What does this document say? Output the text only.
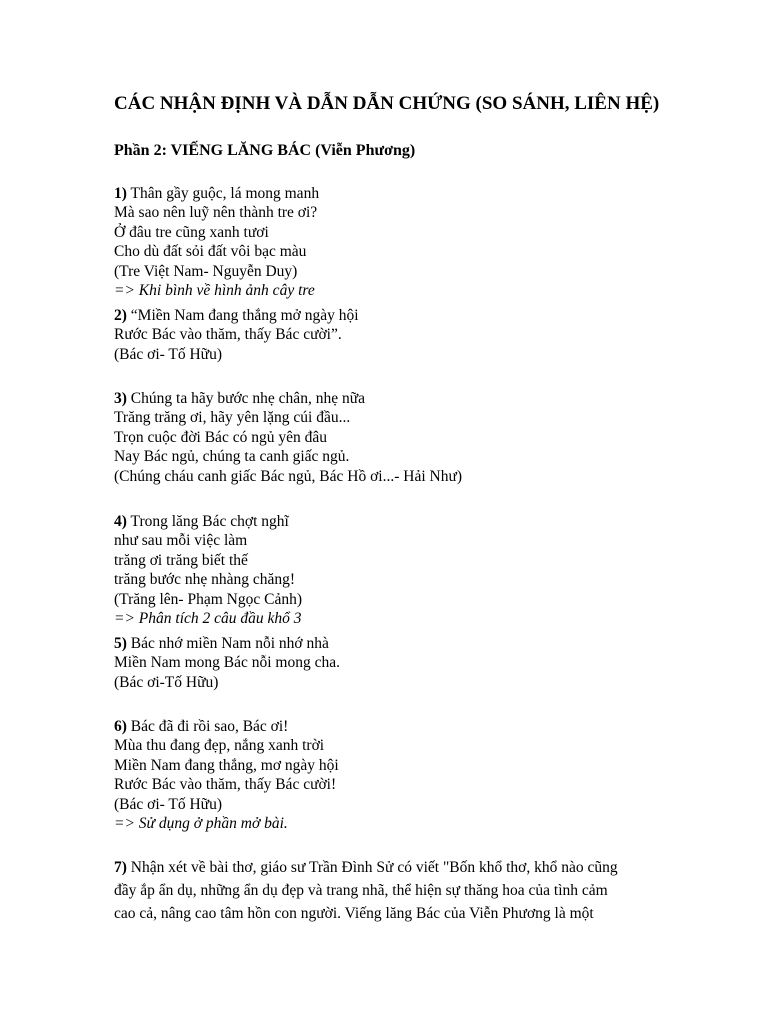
CÁC NHẬN ĐỊNH VÀ DẪN DẪN CHỨNG (SO SÁNH, LIÊN HỆ)
Phần 2: VIẾNG LĂNG BÁC (Viễn Phương)
1) Thân gầy guộc, lá mong manh
Mà sao nên luỹ nên thành tre ơi?
Ở đâu tre cũng xanh tươi
Cho dù đất sỏi đất vôi bạc màu
(Tre Việt Nam- Nguyễn Duy)
=> Khi bình về hình ảnh cây tre
2) “Miền Nam đang thắng mở ngày hội
Rước Bác vào thăm, thấy Bác cười”.
(Bác ơi- Tố Hữu)
3) Chúng ta hãy bước nhẹ chân, nhẹ nữa
Trăng trăng ơi, hãy yên lặng cúi đầu...
Trọn cuộc đời Bác có ngủ yên đâu
Nay Bác ngủ, chúng ta canh giấc ngủ.
(Chúng cháu canh giấc Bác ngủ, Bác Hồ ơi...- Hải Như)
4) Trong lăng Bác chợt nghĩ
như sau mỗi việc làm
trăng ơi trăng biết thế
trăng bước nhẹ nhàng chăng!
(Trăng lên- Phạm Ngọc Cảnh)
=> Phân tích 2 câu đầu khổ 3
5) Bác nhớ miền Nam nỗi nhớ nhà
Miền Nam mong Bác nỗi mong cha.
(Bác ơi-Tố Hữu)
6) Bác đã đi rồi sao, Bác ơi!
Mùa thu đang đẹp, nắng xanh trời
Miền Nam đang thắng, mơ ngày hội
Rước Bác vào thăm, thấy Bác cười!
(Bác ơi- Tố Hữu)
=> Sử dụng ở phần mở bài.
7) Nhận xét về bài thơ, giáo sư Trần Đình Sử có viết "Bốn khổ thơ, khổ nào cũng
đầy ắp ẩn dụ, những ẩn dụ đẹp và trang nhã, thể hiện sự thăng hoa của tình cảm
cao cả, nâng cao tâm hồn con người. Viếng lăng Bác của Viễn Phương là một
